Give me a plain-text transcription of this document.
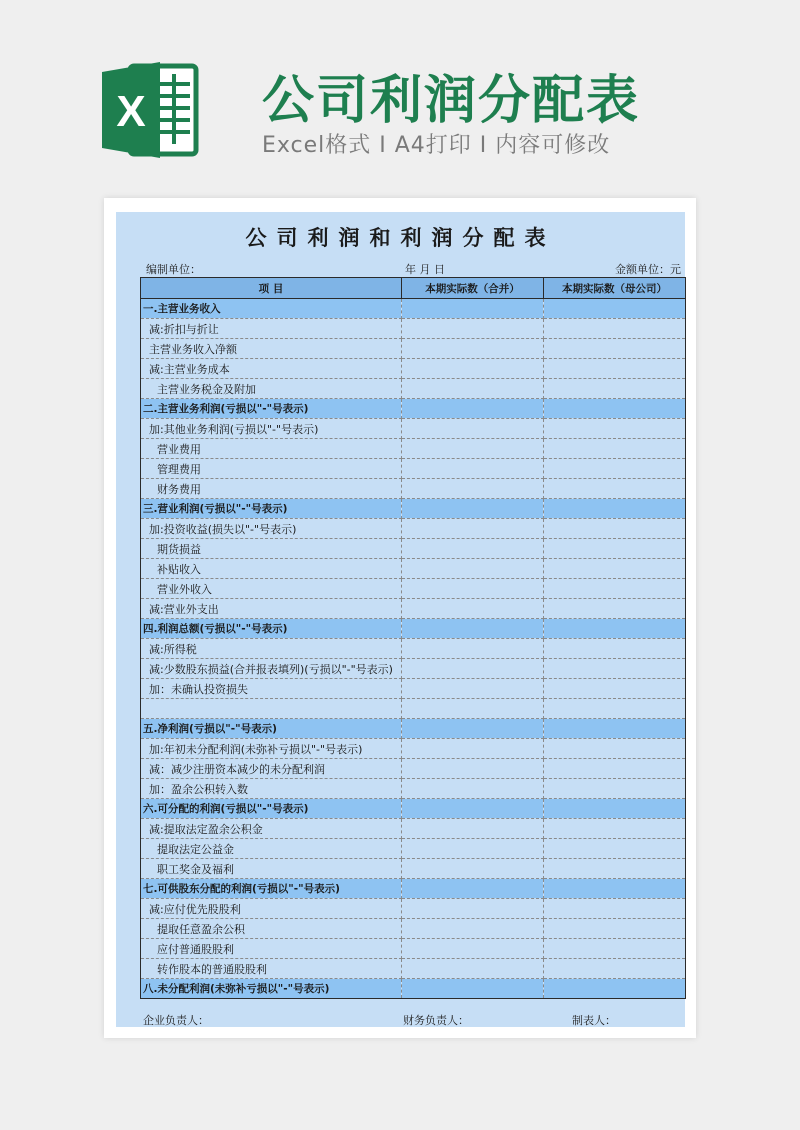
X 公司利润分配表
Excel格式 I A4打印 I 内容可修改
公司利润和利润分配表
编制单位：	年 月 日	金额单位：元
项 目	本期实际数（合并）	本期实际数（母公司）
一.主营业务收入		
减:折扣与折让		
主营业务收入净额		
减:主营业务成本		
主营业务税金及附加		
二.主营业务利润(亏损以"-"号表示)		
加:其他业务利润(亏损以"-"号表示)		
营业费用		
管理费用		
财务费用		
三.营业利润(亏损以"-"号表示)		
加:投资收益(损失以"-"号表示)		
期货损益		
补贴收入		
营业外收入		
减:营业外支出		
四.利润总额(亏损以"-"号表示)		
减:所得税		
减:少数股东损益(合并报表填列)(亏损以"-"号表示)		
加：未确认投资损失		

五.净利润(亏损以"-"号表示)		
加:年初未分配利润(未弥补亏损以"-"号表示)		
减：减少注册资本减少的未分配利润		
加：盈余公积转入数		
六.可分配的利润(亏损以"-"号表示)		
减:提取法定盈余公积金		
提取法定公益金		
职工奖金及福利		
七.可供股东分配的利润(亏损以"-"号表示)		
减:应付优先股股利		
提取任意盈余公积		
应付普通股股利		
转作股本的普通股股利		
八.未分配利润(未弥补亏损以"-"号表示)		
企业负责人：	财务负责人：	制表人：
